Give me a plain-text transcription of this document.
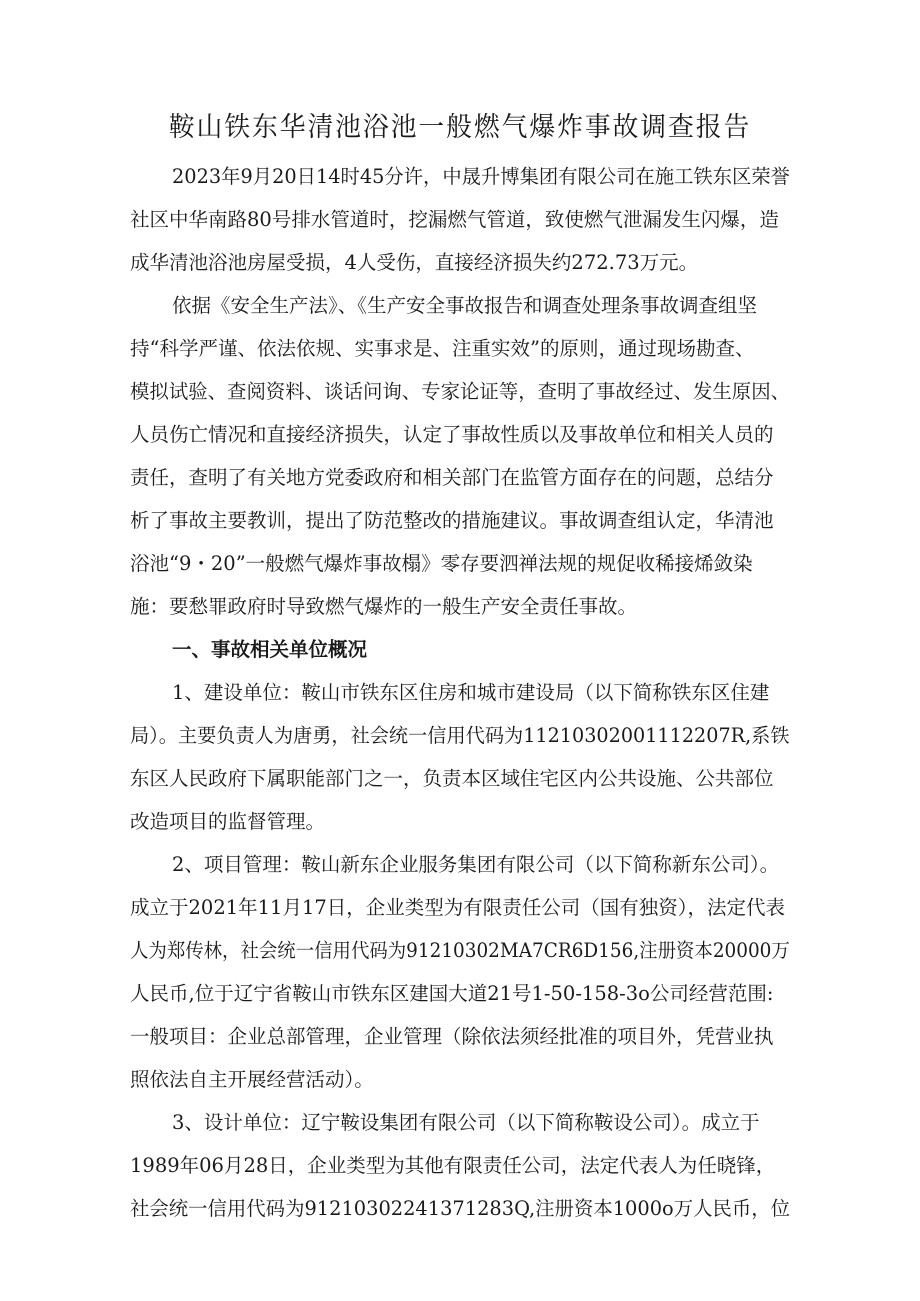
鞍山铁东华清池浴池一般燃气爆炸事故调查报告
2023年9月20日14时45分许，中晟升博集团有限公司在施工铁东区荣誉
社区中华南路80号排水管道时，挖漏燃气管道，致使燃气泄漏发生闪爆，造
成华清池浴池房屋受损，4人受伤，直接经济损失约272.73万元。
依据《安全生产法》、《生产安全事故报告和调查处理条事故调查组坚
持“科学严谨、依法依规、实事求是、注重实效”的原则，通过现场勘查、
模拟试验、查阅资料、谈话问询、专家论证等，查明了事故经过、发生原因、
人员伤亡情况和直接经济损失，认定了事故性质以及事故单位和相关人员的
责任，查明了有关地方党委政府和相关部门在监管方面存在的问题，总结分
析了事故主要教训，提出了防范整改的措施建议。事故调查组认定，华清池
浴池“9・20”一般燃气爆炸事故榻》零存要泗禅法规的规促收稀接烯敛染
施：要愁罪政府时导致燃气爆炸的一般生产安全责任事故。
一、事故相关单位概况
1、建设单位：鞍山市铁东区住房和城市建设局（以下简称铁东区住建
局）。主要负责人为唐勇，社会统一信用代码为11210302001112207R,系铁
东区人民政府下属职能部门之一，负责本区域住宅区内公共设施、公共部位
改造项目的监督管理。
2、项目管理：鞍山新东企业服务集团有限公司（以下简称新东公司）。
成立于2021年11月17日，企业类型为有限责任公司（国有独资），法定代表
人为郑传林，社会统一信用代码为91210302MA7CR6D156,注册资本20000万
人民币,位于辽宁省鞍山市铁东区建国大道21号1-50-158-3o公司经营范围:
一般项目：企业总部管理，企业管理（除依法须经批准的项目外，凭营业执
照依法自主开展经营活动）。
3、设计单位：辽宁鞍设集团有限公司（以下简称鞍设公司）。成立于
1989年06月28日，企业类型为其他有限责任公司，法定代表人为任晓锋，
社会统一信用代码为91210302241371283Q,注册资本1000o万人民币，位
